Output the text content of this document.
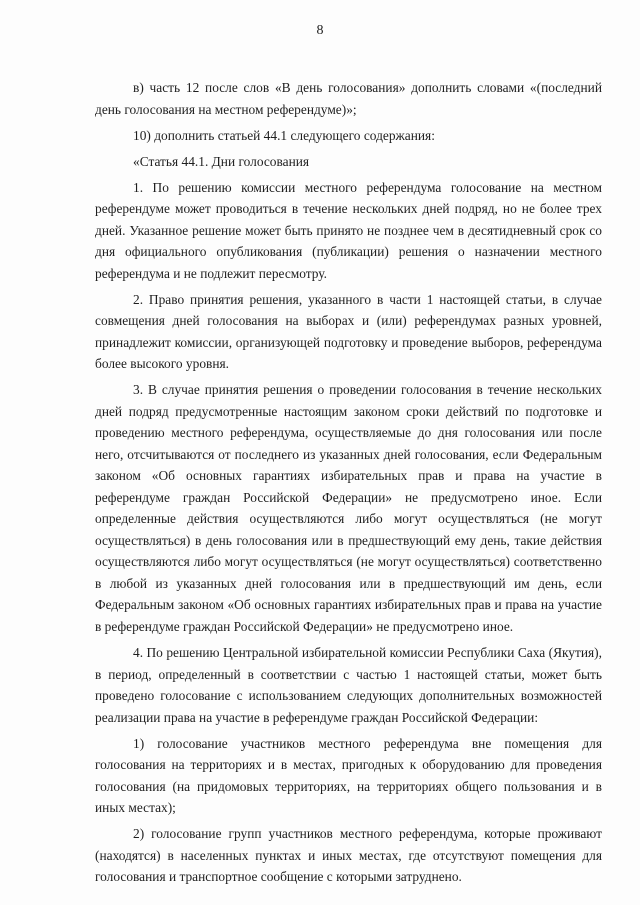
8

в) часть 12 после слов «В день голосования» дополнить словами «(последний день голосования на местном референдуме)»;

10) дополнить статьей 44.1 следующего содержания:

«Статья 44.1. Дни голосования

1. По решению комиссии местного референдума голосование на местном референдуме может проводиться в течение нескольких дней подряд, но не более трех дней. Указанное решение может быть принято не позднее чем в десятидневный срок со дня официального опубликования (публикации) решения о назначении местного референдума и не подлежит пересмотру.

2. Право принятия решения, указанного в части 1 настоящей статьи, в случае совмещения дней голосования на выборах и (или) референдумах разных уровней, принадлежит комиссии, организующей подготовку и проведение выборов, референдума более высокого уровня.

3. В случае принятия решения о проведении голосования в течение нескольких дней подряд предусмотренные настоящим законом сроки действий по подготовке и проведению местного референдума, осуществляемые до дня голосования или после него, отсчитываются от последнего из указанных дней голосования, если Федеральным законом «Об основных гарантиях избирательных прав и права на участие в референдуме граждан Российской Федерации» не предусмотрено иное. Если определенные действия осуществляются либо могут осуществляться (не могут осуществляться) в день голосования или в предшествующий ему день, такие действия осуществляются либо могут осуществляться (не могут осуществляться) соответственно в любой из указанных дней голосования или в предшествующий им день, если Федеральным законом «Об основных гарантиях избирательных прав и права на участие в референдуме граждан Российской Федерации» не предусмотрено иное.

4. По решению Центральной избирательной комиссии Республики Саха (Якутия), в период, определенный в соответствии с частью 1 настоящей статьи, может быть проведено голосование с использованием следующих дополнительных возможностей реализации права на участие в референдуме граждан Российской Федерации:

1) голосование участников местного референдума вне помещения для голосования на территориях и в местах, пригодных к оборудованию для проведения голосования (на придомовых территориях, на территориях общего пользования и в иных местах);

2) голосование групп участников местного референдума, которые проживают (находятся) в населенных пунктах и иных местах, где отсутствуют помещения для голосования и транспортное сообщение с которыми затруднено.
